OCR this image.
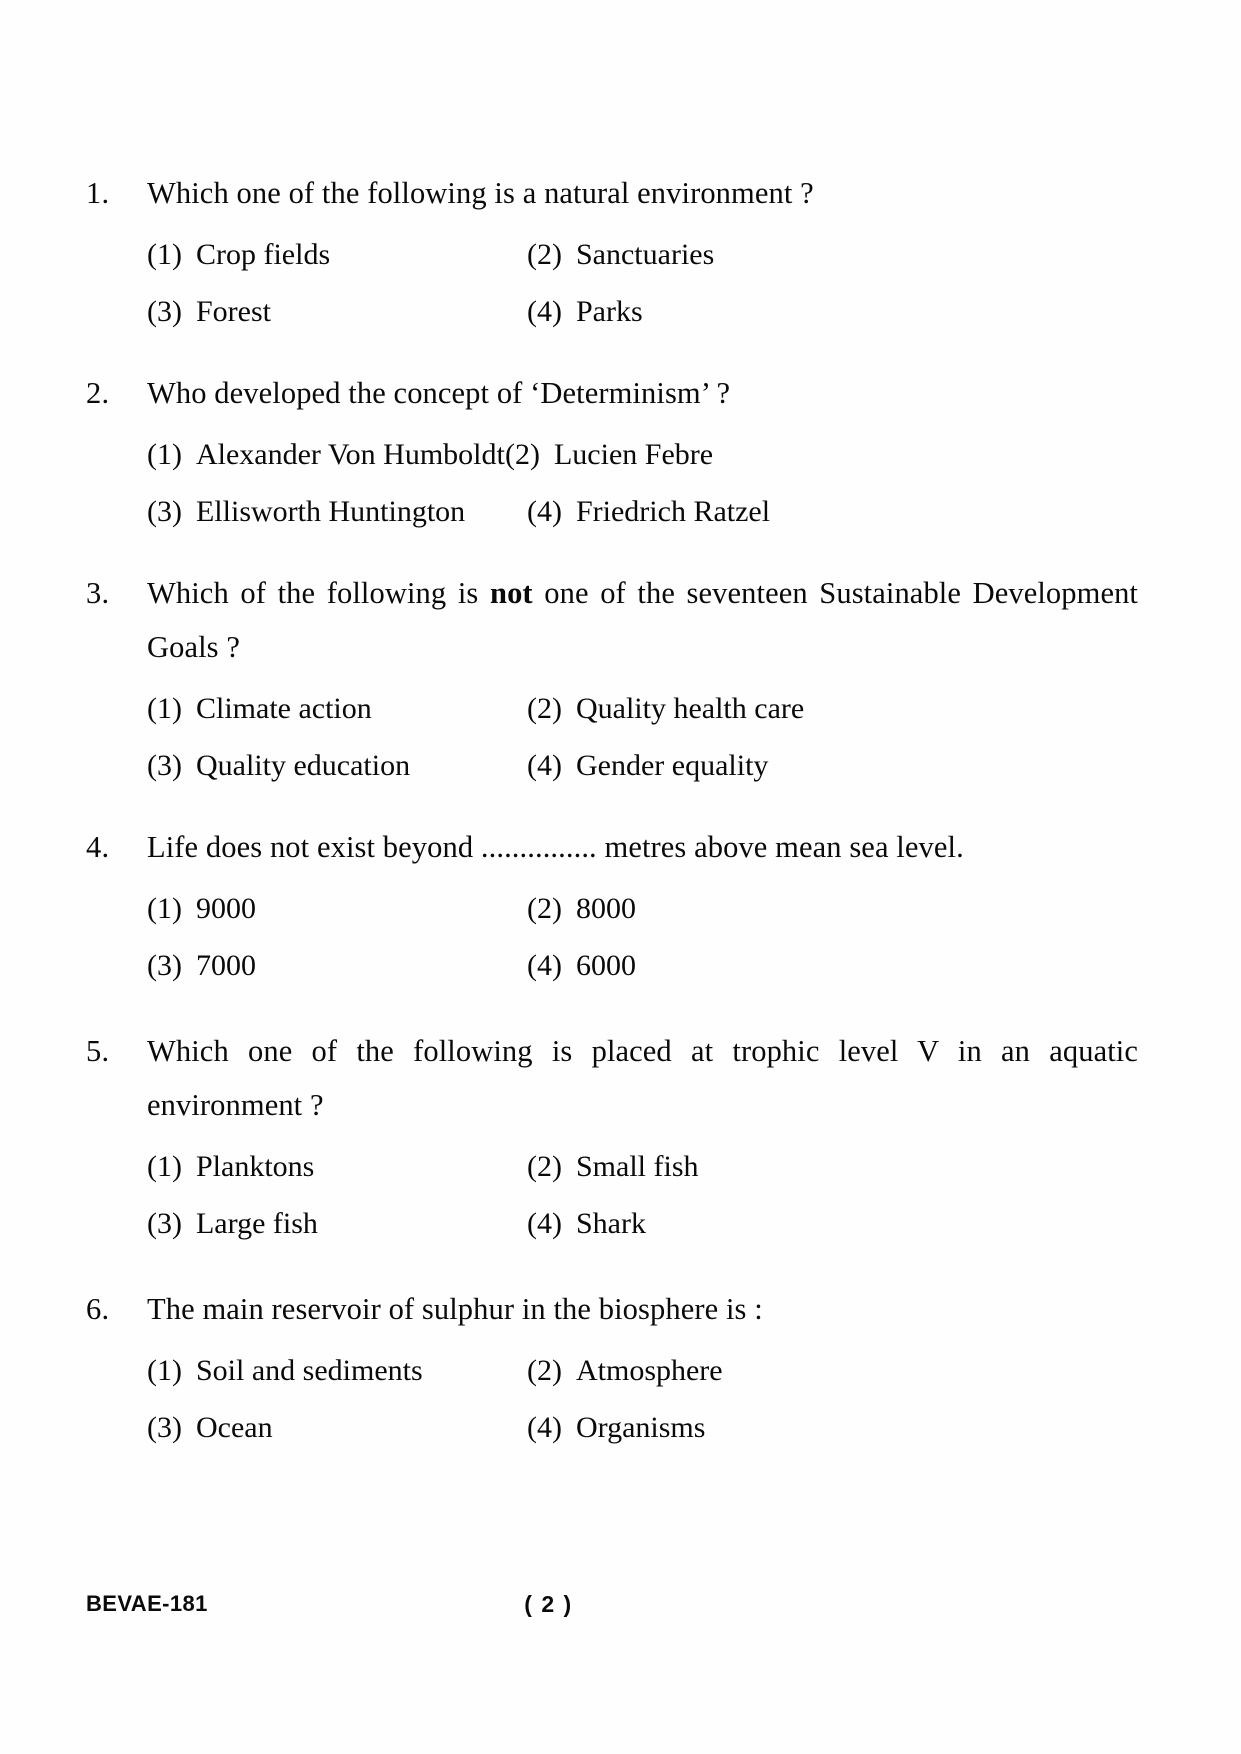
1.	Which one of the following is a natural environment ?
(1) Crop fields	(2) Sanctuaries
(3) Forest	(4) Parks
2.	Who developed the concept of ‘Determinism’ ?
(1) Alexander Von Humboldt (2) Lucien Febre
(3) Ellisworth Huntington (4) Friedrich Ratzel
3.	Which of the following is not one of the seventeen Sustainable Development Goals ?
(1) Climate action	(2) Quality health care
(3) Quality education	(4) Gender equality
4.	Life does not exist beyond ............... metres above mean sea level.
(1) 9000	(2) 8000
(3) 7000	(4) 6000
5.	Which one of the following is placed at trophic level V in an aquatic environment ?
(1) Planktons	(2) Small fish
(3) Large fish	(4) Shark
6.	The main reservoir of sulphur in the biosphere is :
(1) Soil and sediments	(2) Atmosphere
(3) Ocean	(4) Organisms
BEVAE-181	( 2 )
